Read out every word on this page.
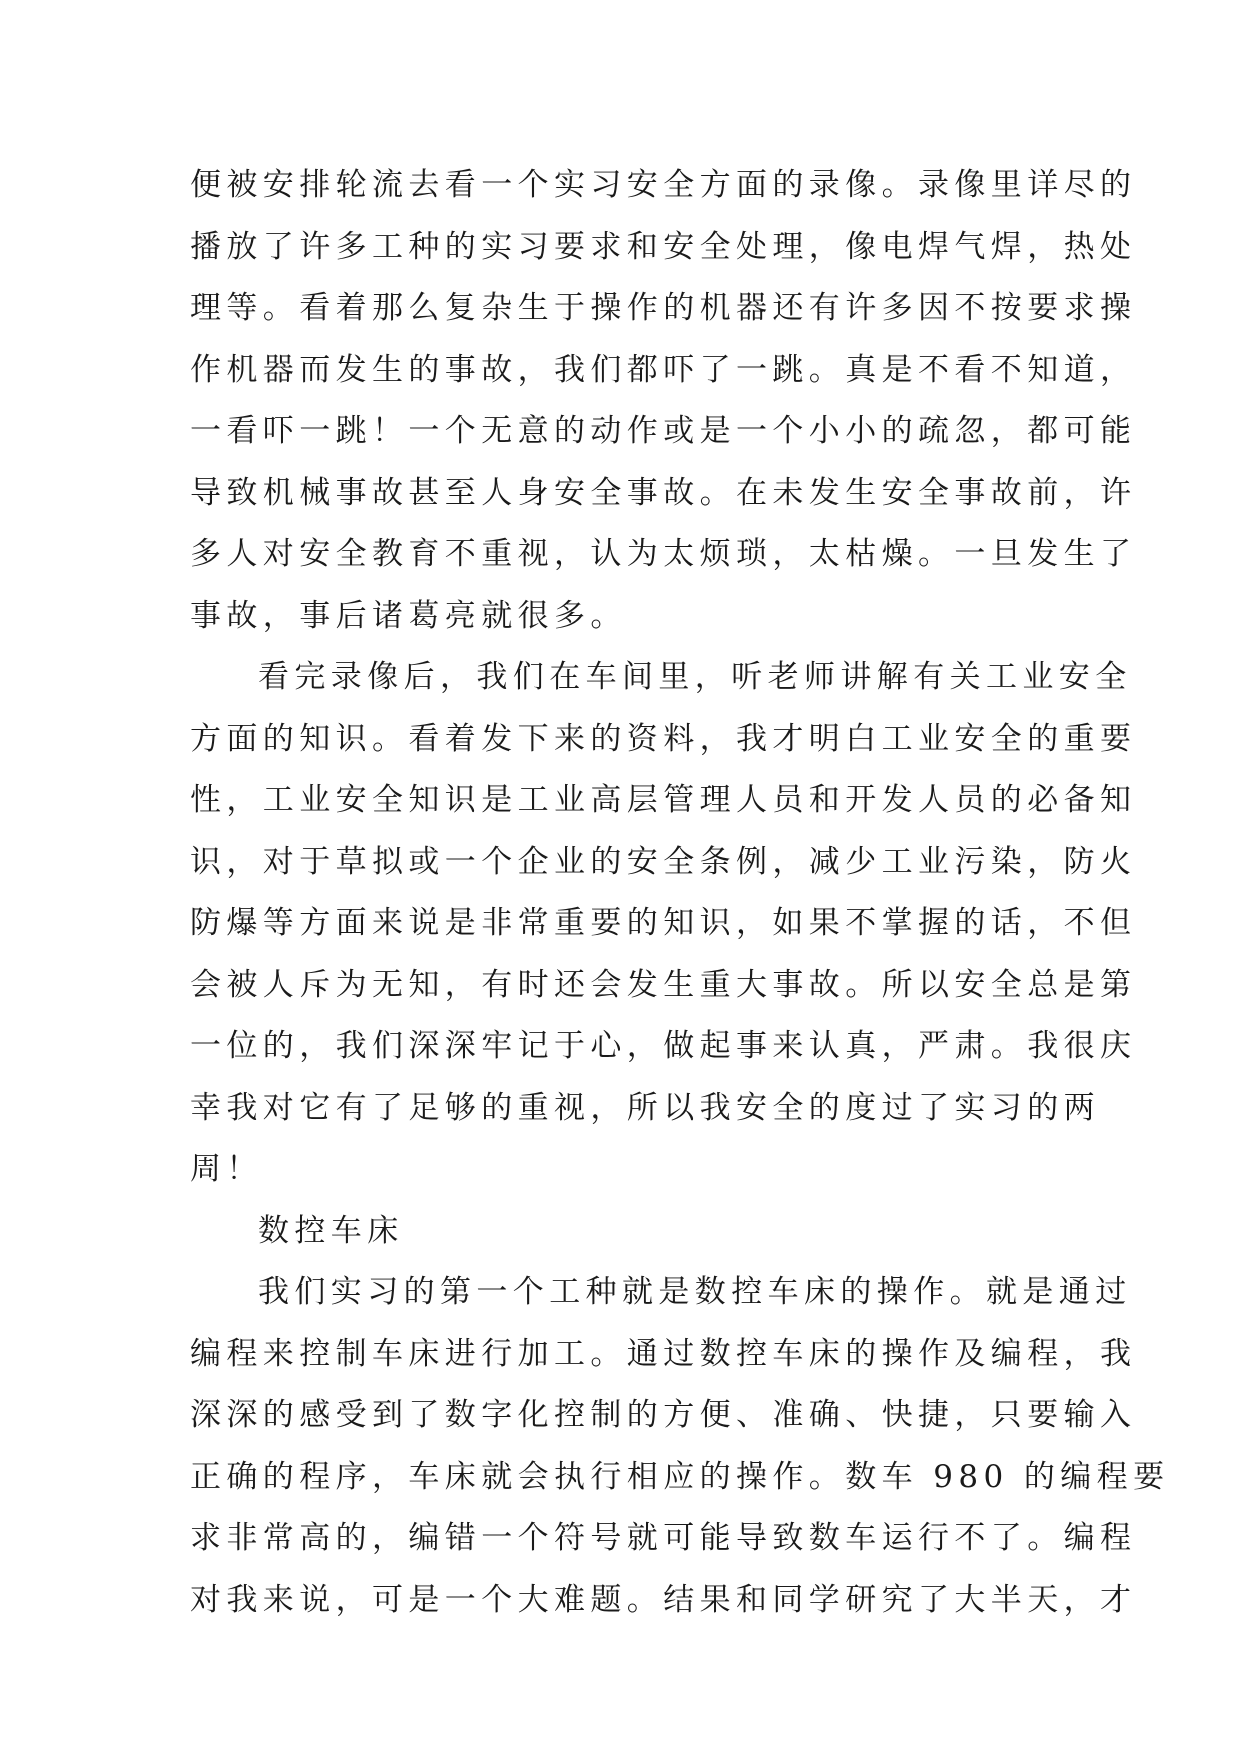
便被安排轮流去看一个实习安全方面的录像。录像里详尽的
播放了许多工种的实习要求和安全处理，像电焊气焊，热处
理等。看着那么复杂生于操作的机器还有许多因不按要求操
作机器而发生的事故，我们都吓了一跳。真是不看不知道，
一看吓一跳！一个无意的动作或是一个小小的疏忽，都可能
导致机械事故甚至人身安全事故。在未发生安全事故前，许
多人对安全教育不重视，认为太烦琐，太枯燥。一旦发生了
事故，事后诸葛亮就很多。
看完录像后，我们在车间里，听老师讲解有关工业安全
方面的知识。看着发下来的资料，我才明白工业安全的重要
性，工业安全知识是工业高层管理人员和开发人员的必备知
识，对于草拟或一个企业的安全条例，减少工业污染，防火
防爆等方面来说是非常重要的知识，如果不掌握的话，不但
会被人斥为无知，有时还会发生重大事故。所以安全总是第
一位的，我们深深牢记于心，做起事来认真，严肃。我很庆
幸我对它有了足够的重视，所以我安全的度过了实习的两
周！
数控车床
我们实习的第一个工种就是数控车床的操作。就是通过
编程来控制车床进行加工。通过数控车床的操作及编程，我
深深的感受到了数字化控制的方便、准确、快捷，只要输入
正确的程序，车床就会执行相应的操作。数车 980 的编程要
求非常高的，编错一个符号就可能导致数车运行不了。编程
对我来说，可是一个大难题。结果和同学研究了大半天，才
